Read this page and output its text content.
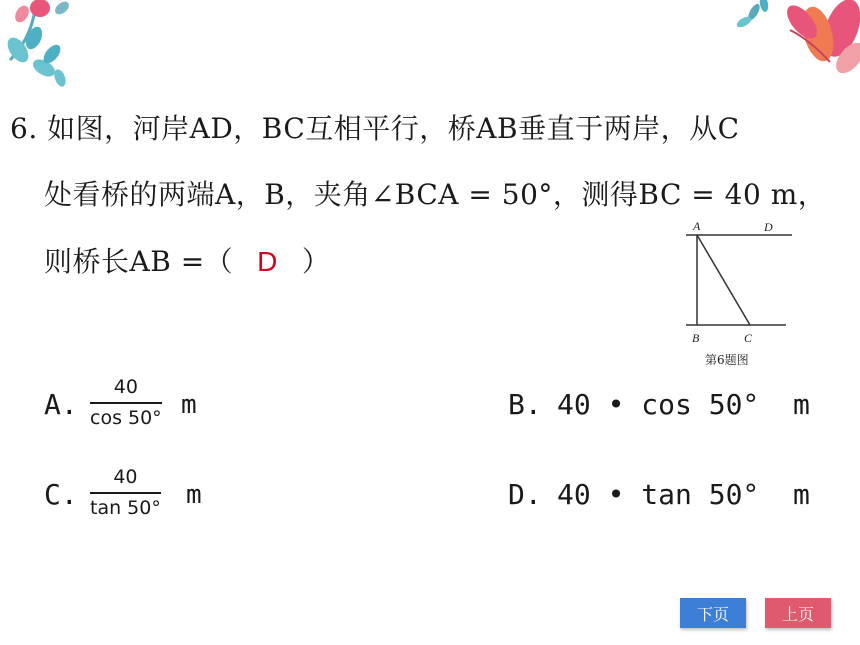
6. 如图，河岸AD，BC互相平行，桥AB垂直于两岸，从C
处看桥的两端A，B，夹角∠BCA = 50°，测得BC = 40 m，
则桥长AB =（ D ）
A	D
B	C
第6题图
A.
40
cos 50° m	B. 40 • cos 50°  m
C.
40
tan 50° m	D. 40 • tan 50°  m
下页	上页
